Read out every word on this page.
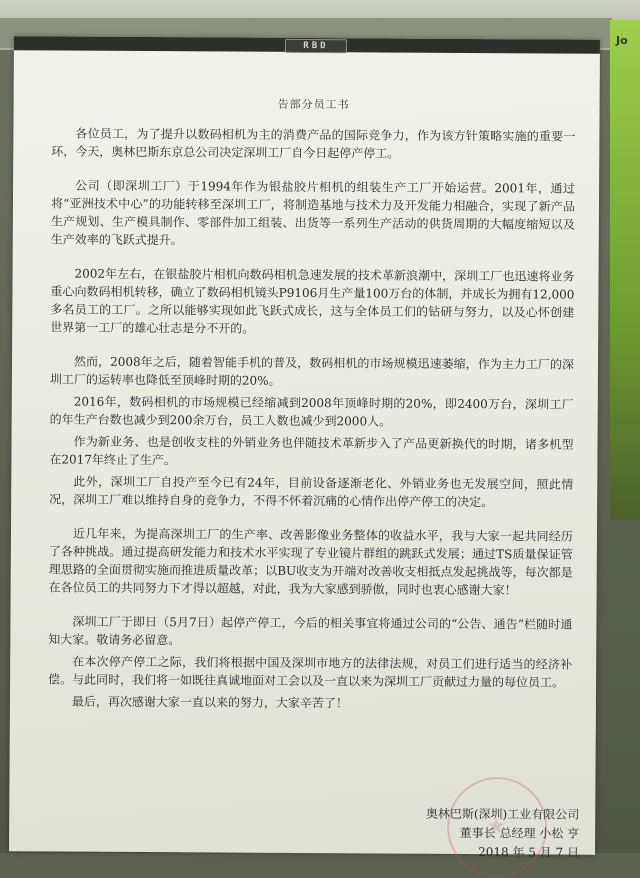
Jo
RBD
告部分员工书

各位员工，为了提升以数码相机为主的消费产品的国际竞争力，作为该方针策略实施的重要一环，今天，奥林巴斯东京总公司决定深圳工厂自今日起停产停工。

公司（即深圳工厂）于1994年作为银盐胶片相机的组装生产工厂开始运营。2001年，通过将“亚洲技术中心”的功能转移至深圳工厂，将制造基地与技术力及开发能力相融合，实现了新产品生产规划、生产模具制作、零部件加工组装、出货等一系列生产活动的供货周期的大幅度缩短以及生产效率的飞跃式提升。

2002年左右，在银盐胶片相机向数码相机急速发展的技术革新浪潮中，深圳工厂也迅速将业务重心向数码相机转移，确立了数码相机镜头P9106月生产量100万台的体制，并成长为拥有12,000多名员工的工厂。之所以能够实现如此飞跃式成长，这与全体员工们的钻研与努力，以及心怀创建世界第一工厂的雄心壮志是分不开的。

然而，2008年之后，随着智能手机的普及，数码相机的市场规模迅速萎缩，作为主力工厂的深圳工厂的运转率也降低至顶峰时期的20%。

2016年，数码相机的市场规模已经缩减到2008年顶峰时期的20%，即2400万台，深圳工厂的年生产台数也减少到200余万台，员工人数也减少到2000人。

作为新业务、也是创收支柱的外销业务也伴随技术革新步入了产品更新换代的时期，诸多机型在2017年终止了生产。

此外，深圳工厂自投产至今已有24年，目前设备逐渐老化、外销业务也无发展空间，照此情况，深圳工厂难以维持自身的竞争力，不得不怀着沉痛的心情作出停产停工的决定。

近几年来，为提高深圳工厂的生产率、改善影像业务整体的收益水平，我与大家一起共同经历了各种挑战。通过提高研发能力和技术水平实现了专业镜片群组的跳跃式发展；通过TS质量保证管理思路的全面贯彻实施而推进质量改革；以BU收支为开端对改善收支相抵点发起挑战等，每次都是在各位员工的共同努力下才得以超越，对此，我为大家感到骄傲，同时也衷心感谢大家！

深圳工厂于即日（5月7日）起停产停工，今后的相关事宜将通过公司的“公告、通告”栏随时通知大家。敬请务必留意。

在本次停产停工之际，我们将根据中国及深圳市地方的法律法规，对员工们进行适当的经济补偿。与此同时，我们将一如既往真诚地面对工会以及一直以来为深圳工厂贡献过力量的每位员工。

最后，再次感谢大家一直以来的努力，大家辛苦了！

奥林巴斯(深圳)工业有限公司
董事长 总经理 小松 亨
2018 年 5 月 7 日
